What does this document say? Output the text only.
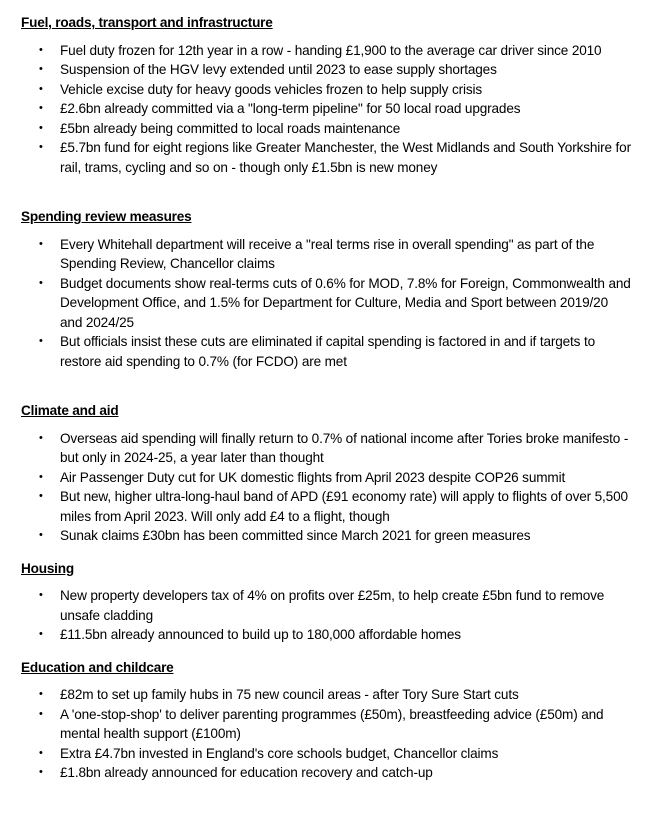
Fuel, roads, transport and infrastructure
• Fuel duty frozen for 12th year in a row - handing £1,900 to the average car driver since 2010
• Suspension of the HGV levy extended until 2023 to ease supply shortages
• Vehicle excise duty for heavy goods vehicles frozen to help supply crisis
• £2.6bn already committed via a "long-term pipeline" for 50 local road upgrades
• £5bn already being committed to local roads maintenance
• £5.7bn fund for eight regions like Greater Manchester, the West Midlands and South Yorkshire for rail, trams, cycling and so on - though only £1.5bn is new money
Spending review measures
• Every Whitehall department will receive a "real terms rise in overall spending" as part of the Spending Review, Chancellor claims
• Budget documents show real-terms cuts of 0.6% for MOD, 7.8% for Foreign, Commonwealth and Development Office, and 1.5% for Department for Culture, Media and Sport between 2019/20 and 2024/25
• But officials insist these cuts are eliminated if capital spending is factored in and if targets to restore aid spending to 0.7% (for FCDO) are met
Climate and aid
• Overseas aid spending will finally return to 0.7% of national income after Tories broke manifesto - but only in 2024-25, a year later than thought
• Air Passenger Duty cut for UK domestic flights from April 2023 despite COP26 summit
• But new, higher ultra-long-haul band of APD (£91 economy rate) will apply to flights of over 5,500 miles from April 2023. Will only add £4 to a flight, though
• Sunak claims £30bn has been committed since March 2021 for green measures
Housing
• New property developers tax of 4% on profits over £25m, to help create £5bn fund to remove unsafe cladding
• £11.5bn already announced to build up to 180,000 affordable homes
Education and childcare
• £82m to set up family hubs in 75 new council areas - after Tory Sure Start cuts
• A 'one-stop-shop' to deliver parenting programmes (£50m), breastfeeding advice (£50m) and mental health support (£100m)
• Extra £4.7bn invested in England's core schools budget, Chancellor claims
• £1.8bn already announced for education recovery and catch-up
